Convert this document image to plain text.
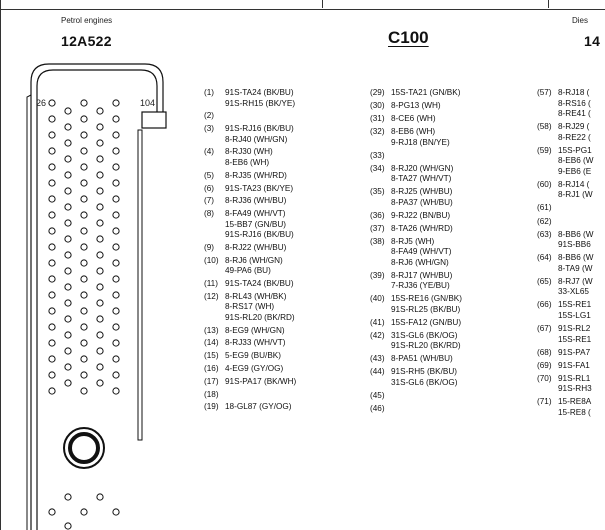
Petrol engines
12A522
Dies
14
C100
26	104
(1) 91S-TA24 (BK/BU)
91S-RH15 (BK/YE)
(2)
(3) 91S-RJ16 (BK/BU)
8-RJ40 (WH/GN)
(4) 8-RJ30 (WH)
8-EB6 (WH)
(5) 8-RJ35 (WH/RD)
(6) 91S-TA23 (BK/YE)
(7) 8-RJ36 (WH/BU)
(8) 8-FA49 (WH/VT)
15-BB7 (GN/BU)
91S-RJ16 (BK/BU)
(9) 8-RJ22 (WH/BU)
(10) 8-RJ6 (WH/GN)
49-PA6 (BU)
(11) 91S-TA24 (BK/BU)
(12) 8-RL43 (WH/BK)
8-RS17 (WH)
91S-RL20 (BK/RD)
(13) 8-EG9 (WH/GN)
(14) 8-RJ33 (WH/VT)
(15) 5-EG9 (BU/BK)
(16) 4-EG9 (GY/OG)
(17) 91S-PA17 (BK/WH)
(18)
(19) 18-GL87 (GY/OG)
(29) 15S-TA21 (GN/BK)
(30) 8-PG13 (WH)
(31) 8-CE6 (WH)
(32) 8-EB6 (WH)
9-RJ18 (BN/YE)
(33)
(34) 8-RJ20 (WH/GN)
8-TA27 (WH/VT)
(35) 8-RJ25 (WH/BU)
8-PA37 (WH/BU)
(36) 9-RJ22 (BN/BU)
(37) 8-TA26 (WH/RD)
(38) 8-RJ5 (WH)
8-FA49 (WH/VT)
8-RJ6 (WH/GN)
(39) 8-RJ17 (WH/BU)
7-RJ36 (YE/BU)
(40) 15S-RE16 (GN/BK)
91S-RL25 (BK/BU)
(41) 15S-FA12 (GN/BU)
(42) 31S-GL6 (BK/OG)
91S-RL20 (BK/RD)
(43) 8-PA51 (WH/BU)
(44) 91S-RH5 (BK/BU)
31S-GL6 (BK/OG)
(45)
(46)
(57) 8-RJ18 (
8-RS16 (
8-RE41 (
(58) 8-RJ29 (
8-RE22 (
(59) 15S-PG1
8-EB6 (W
9-EB6 (E
(60) 8-RJ14 (
8-RJ1 (W
(61)
(62)
(63) 8-BB6 (W
91S-BB6
(64) 8-BB6 (W
8-TA9 (W
(65) 8-RJ7 (W
33-XL65
(66) 15S-RE1
15S-LG1
(67) 91S-RL2
15S-RE1
(68) 91S-PA7
(69) 91S-FA1
(70) 91S-RL1
91S-RH3
(71) 15-RE8A
15-RE8 (
